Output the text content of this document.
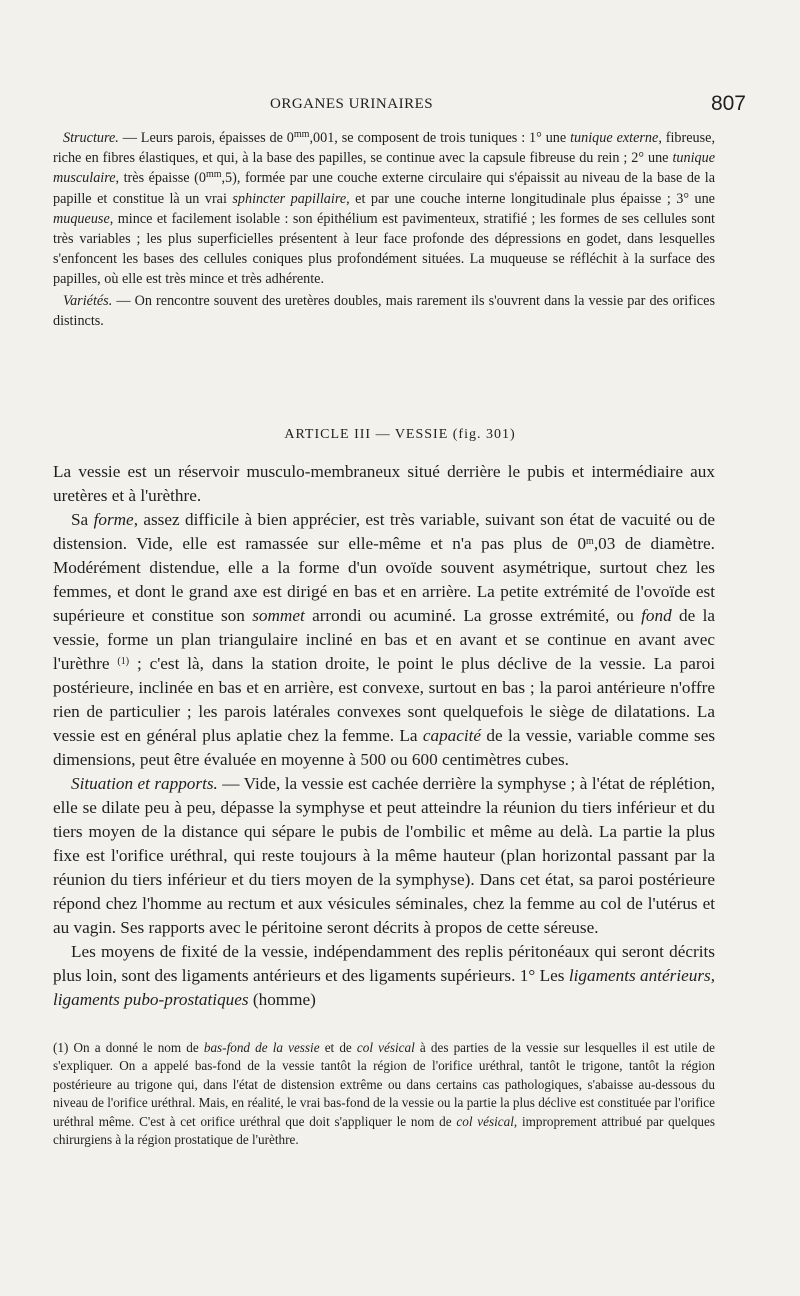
ORGANES URINAIRES	807

Structure. — Leurs parois, épaisses de $0^{mm},001$, se composent de trois tuniques : 1° une tunique externe, fibreuse, riche en fibres élastiques, et qui, à la base des papilles, se continue avec la capsule fibreuse du rein ; 2° une tunique musculaire, très épaisse $(0^{mm},5)$, formée par une couche externe circulaire qui s'épaissit au niveau de la base de la papille et constitue là un vrai sphincter papillaire, et par une couche interne longitudinale plus épaisse ; 3° une muqueuse, mince et facilement isolable : son épithélium est pavimenteux, stratifié ; les formes de ses cellules sont très variables ; les plus superficielles présentent à leur face profonde des dépressions en godet, dans lesquelles s'enfoncent les bases des cellules coniques plus profondément situées. La muqueuse se réfléchit à la surface des papilles, où elle est très mince et très adhérente.

Variétés. — On rencontre souvent des uretères doubles, mais rarement ils s'ouvrent dans la vessie par des orifices distincts.

ARTICLE III — VESSIE (fig. 301)

La vessie est un réservoir musculo-membraneux situé derrière le pubis et intermédiaire aux uretères et à l'urèthre.

Sa forme, assez difficile à bien apprécier, est très variable, suivant son état de vacuité ou de distension. Vide, elle est ramassée sur elle-même et n'a pas plus de 0$^m$,03 de diamètre. Modérément distendue, elle a la forme d'un ovoïde souvent asymétrique, surtout chez les femmes, et dont le grand axe est dirigé en bas et en arrière. La petite extrémité de l'ovoïde est supérieure et constitue son sommet arrondi ou acuminé. La grosse extrémité, ou fond de la vessie, forme un plan triangulaire incliné en bas et en avant et se continue en avant avec l'urèthre $^{(1)}$ ; c'est là, dans la station droite, le point le plus déclive de la vessie. La paroi postérieure, inclinée en bas et en arrière, est convexe, surtout en bas ; la paroi antérieure n'offre rien de particulier ; les parois latérales convexes sont quelquefois le siège de dilatations. La vessie est en général plus aplatie chez la femme. La capacité de la vessie, variable comme ses dimensions, peut être évaluée en moyenne à 500 ou 600 centimètres cubes.

Situation et rapports. — Vide, la vessie est cachée derrière la symphyse ; à l'état de réplétion, elle se dilate peu à peu, dépasse la symphyse et peut atteindre la réunion du tiers inférieur et du tiers moyen de la distance qui sépare le pubis de l'ombilic et même au delà. La partie la plus fixe est l'orifice uréthral, qui reste toujours à la même hauteur (plan horizontal passant par la réunion du tiers inférieur et du tiers moyen de la symphyse). Dans cet état, sa paroi postérieure répond chez l'homme au rectum et aux vésicules séminales, chez la femme au col de l'utérus et au vagin. Ses rapports avec le péritoine seront décrits à propos de cette séreuse.

Les moyens de fixité de la vessie, indépendamment des replis péritonéaux qui seront décrits plus loin, sont des ligaments antérieurs et des ligaments supérieurs. 1° Les ligaments antérieurs, ligaments pubo-prostatiques (homme)

(1) On a donné le nom de bas-fond de la vessie et de col vésical à des parties de la vessie sur lesquelles il est utile de s'expliquer. On a appelé bas-fond de la vessie tantôt la région de l'orifice uréthral, tantôt le trigone, tantôt la région postérieure au trigone qui, dans l'état de distension extrême ou dans certains cas pathologiques, s'abaisse au-dessous du niveau de l'orifice uréthral. Mais, en réalité, le vrai bas-fond de la vessie ou la partie la plus déclive est constituée par l'orifice uréthral même. C'est à cet orifice uréthral que doit s'appliquer le nom de col vésical, improprement attribué par quelques chirurgiens à la région prostatique de l'urèthre.
